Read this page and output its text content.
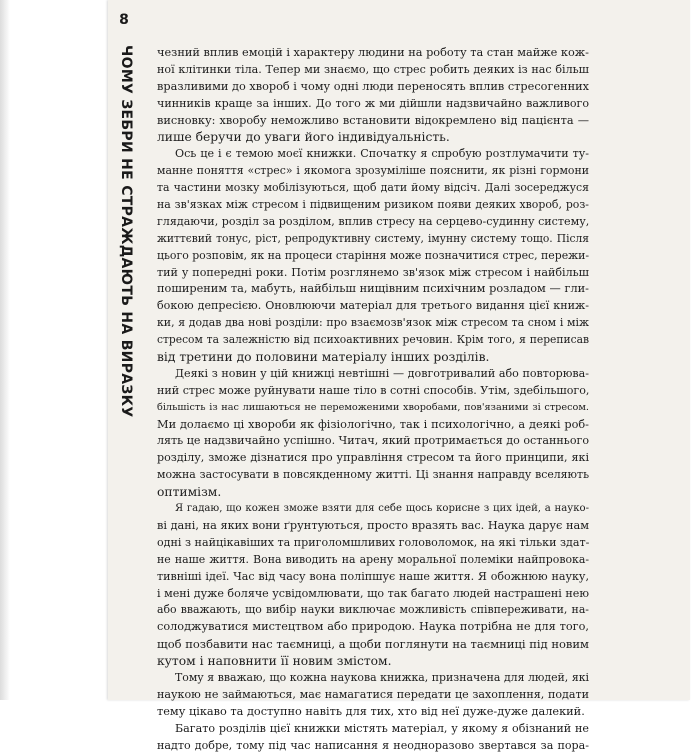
8
ЧОМУ ЗЕБРИ НЕ СТРАЖДАЮТЬ НА ВИРАЗКУ чезний вплив емоцій і характеру людини на роботу та стан майже кож-
ної клітинки тіла. Тепер ми знаємо, що стрес робить деяких із нас більш
вразливими до хвороб і чому одні люди переносять вплив стресогенних
чинників краще за інших. До того ж ми дійшли надзвичайно важливого
висновку: хворобу неможливо встановити відокремлено від пацієнта —
лише беручи до уваги його індивідуальність.
Ось це і є темою моєї книжки. Спочатку я спробую розтлумачити ту-
манне поняття «стрес» і якомога зрозуміліше пояснити, як різні гормони
та частини мозку мобілізуються, щоб дати йому відсіч. Далі зосереджуся
на зв'язках між стресом і підвищеним ризиком появи деяких хвороб, роз-
глядаючи, розділ за розділом, вплив стресу на серцево-судинну систему,
життєвий тонус, ріст, репродуктивну систему, імунну систему тощо. Після
цього розповім, як на процеси старіння може позначитися стрес, пережи-
тий у попередні роки. Потім розглянемо зв'язок між стресом і найбільш
поширеним та, мабуть, найбільш нищівним психічним розладом — гли-
бокою депресією. Оновлюючи матеріал для третього видання цієї книж-
ки, я додав два нові розділи: про взаємозв'язок між стресом та сном і між
стресом та залежністю від психоактивних речовин. Крім того, я переписав
від третини до половини матеріалу інших розділів.
Деякі з новин у цій книжці невтішні — довготривалий або повторюва-
ний стрес може руйнувати наше тіло в сотні способів. Утім, здебільшого,
більшість із нас лишаються не переможеними хворобами, пов'язаними зі стресом.
Ми долаємо ці хвороби як фізіологічно, так і психологічно, а деякі роб-
лять це надзвичайно успішно. Читач, який протримається до останнього
розділу, зможе дізнатися про управління стресом та його принципи, які
можна застосувати в повсякденному житті. Ці знання направду вселяють
оптимізм.
Я гадаю, що кожен зможе взяти для себе щось корисне з цих ідей, а науко-
ві дані, на яких вони ґрунтуються, просто вразять вас. Наука дарує нам
одні з найцікавіших та приголомшливих головоломок, на які тільки здат-
не наше життя. Вона виводить на арену моральної полеміки найпровока-
тивніші ідеї. Час від часу вона поліпшує наше життя. Я обожнюю науку,
і мені дуже боляче усвідомлювати, що так багато людей настрашені нею
або вважають, що вибір науки виключає можливість співпереживати, на-
солоджуватися мистецтвом або природою. Наука потрібна не для того,
щоб позбавити нас таємниці, а щоби поглянути на таємниці під новим
кутом і наповнити її новим змістом.
Тому я вважаю, що кожна наукова книжка, призначена для людей, які
наукою не займаються, має намагатися передати це захоплення, подати
тему цікаво та доступно навіть для тих, хто від неї дуже-дуже далекий.
Багато розділів цієї книжки містять матеріал, у якому я обізнаний не
надто добре, тому під час написання я неодноразово звертався за пора-
